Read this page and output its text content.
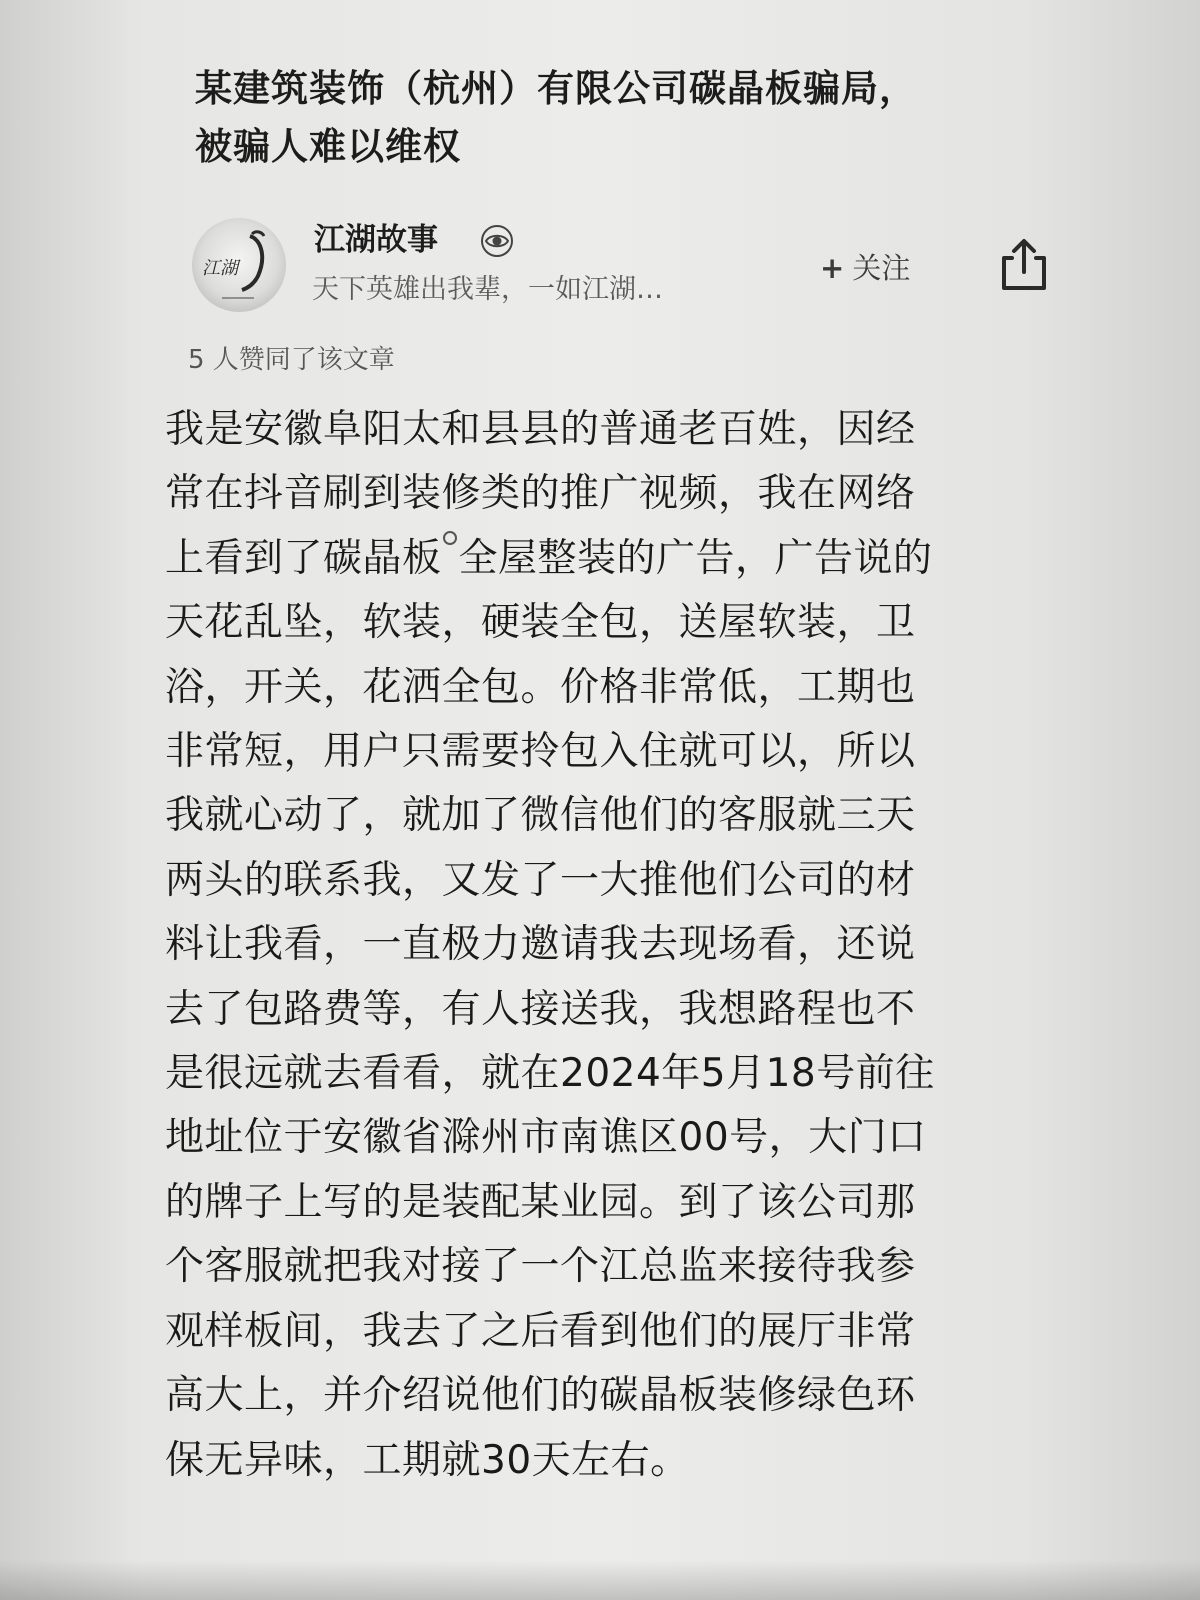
某建筑装饰（杭州）有限公司碳晶板骗局，
被骗人难以维权
江湖
江湖故事
天下英雄出我辈，一如江湖…
+ 关注
5 人赞同了该文章
我是安徽阜阳太和县县的普通老百姓，因经
常在抖音刷到装修类的推广视频，我在网络
上看到了碳晶板 全屋整装的广告，广告说的
天花乱坠，软装，硬装全包，送屋软装，卫
浴，开关，花洒全包。价格非常低，工期也
非常短，用户只需要拎包入住就可以，所以
我就心动了，就加了微信他们的客服就三天
两头的联系我，又发了一大推他们公司的材
料让我看，一直极力邀请我去现场看，还说
去了包路费等，有人接送我，我想路程也不
是很远就去看看，就在2024年5月18号前往
地址位于安徽省滁州市南谯区00号，大门口
的牌子上写的是装配某业园。到了该公司那
个客服就把我对接了一个江总监来接待我参
观样板间，我去了之后看到他们的展厅非常
高大上，并介绍说他们的碳晶板装修绿色环
保无异味，工期就30天左右。
